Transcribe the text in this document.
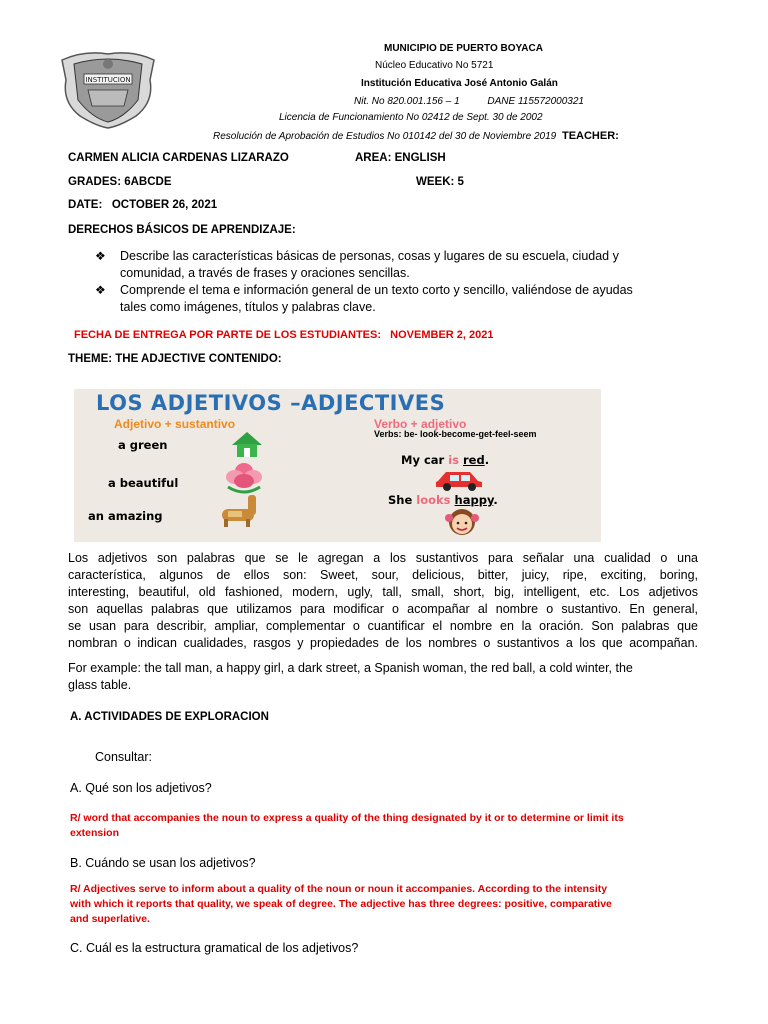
INSTITUCION
MUNICIPIO DE PUERTO BOYACA
Núcleo Educativo No 5721
Institución Educativa José Antonio Galán
Nit. No 820.001.156 – 1          DANE 115572000321
Licencia de Funcionamiento No 02412 de Sept. 30 de 2002
Resolución de Aprobación de Estudios No 010142 del 30 de Noviembre 2019 TEACHER:
CARMEN ALICIA CARDENAS LIZARAZO	AREA: ENGLISH
GRADES: 6ABCDE	WEEK: 5
DATE:   OCTOBER 26, 2021
DERECHOS BÁSICOS DE APRENDIZAJE:
❖ Describe las características básicas de personas, cosas y lugares de su escuela, ciudad y
comunidad, a través de frases y oraciones sencillas.
❖ Comprende el tema e información general de un texto corto y sencillo, valiéndose de ayudas
tales como imágenes, títulos y palabras clave.
FECHA DE ENTREGA POR PARTE DE LOS ESTUDIANTES:   NOVEMBER 2, 2021
THEME: THE ADJECTIVE CONTENIDO:
LOS ADJETIVOS –ADJECTIVES
Adjetivo + sustantivo	Verbo + adjetivo
Verbs: be- look-become-get-feel-seem
a green
a beautiful
an amazing
My car is red.
She looks happy.
Los adjetivos son palabras que se le agregan a los sustantivos para señalar una cualidad o una
característica, algunos de ellos son: Sweet, sour, delicious, bitter, juicy, ripe, exciting, boring,
interesting, beautiful, old fashioned, modern, ugly, tall, small, short, big, intelligent, etc. Los adjetivos
son aquellas palabras que utilizamos para modificar o acompañar al nombre o sustantivo. En general,
se usan para describir, ampliar, complementar o cuantificar el nombre en la oración. Son palabras que
nombran o indican cualidades, rasgos y propiedades de los nombres o sustantivos a los que acompañan.
For example: the tall man, a happy girl, a dark street, a Spanish woman, the red ball, a cold winter, the
glass table.
A. ACTIVIDADES DE EXPLORACION
Consultar:
A. Qué son los adjetivos?
R/ word that accompanies the noun to express a quality of the thing designated by it or to determine or limit its
extension
B. Cuándo se usan los adjetivos?
R/ Adjectives serve to inform about a quality of the noun or noun it accompanies. According to the intensity
with which it reports that quality, we speak of degree. The adjective has three degrees: positive, comparative
and superlative.
C. Cuál es la estructura gramatical de los adjetivos?
